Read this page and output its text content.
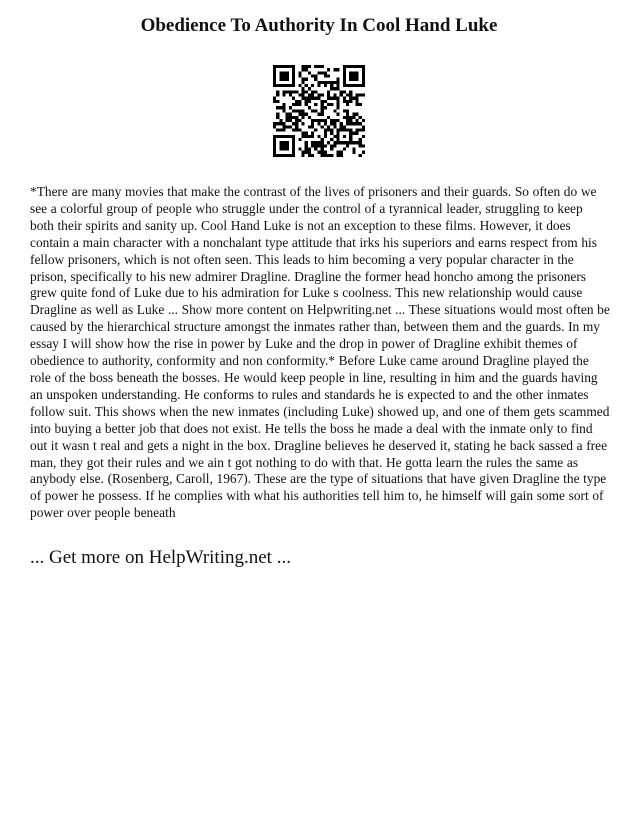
Obedience To Authority In Cool Hand Luke

*There are many movies that make the contrast of the lives of prisoners and their guards. So often do we see a colorful group of people who struggle under the control of a tyrannical leader, struggling to keep both their spirits and sanity up. Cool Hand Luke is not an exception to these films. However, it does contain a main character with a nonchalant type attitude that irks his superiors and earns respect from his fellow prisoners, which is not often seen. This leads to him becoming a very popular character in the prison, specifically to his new admirer Dragline. Dragline the former head honcho among the prisoners grew quite fond of Luke due to his admiration for Luke s coolness. This new relationship would cause Dragline as well as Luke ... Show more content on Helpwriting.net ... These situations would most often be caused by the hierarchical structure amongst the inmates rather than, between them and the guards. In my essay I will show how the rise in power by Luke and the drop in power of Dragline exhibit themes of obedience to authority, conformity and non conformity.* Before Luke came around Dragline played the role of the boss beneath the bosses. He would keep people in line, resulting in him and the guards having an unspoken understanding. He conforms to rules and standards he is expected to and the other inmates follow suit. This shows when the new inmates (including Luke) showed up, and one of them gets scammed into buying a better job that does not exist. He tells the boss he made a deal with the inmate only to find out it wasn t real and gets a night in the box. Dragline believes he deserved it, stating he back sassed a free man, they got their rules and we ain t got nothing to do with that. He gotta learn the rules the same as anybody else. (Rosenberg, Caroll, 1967). These are the type of situations that have given Dragline the type of power he possess. If he complies with what his authorities tell him to, he himself will gain some sort of power over people beneath

... Get more on HelpWriting.net ...
